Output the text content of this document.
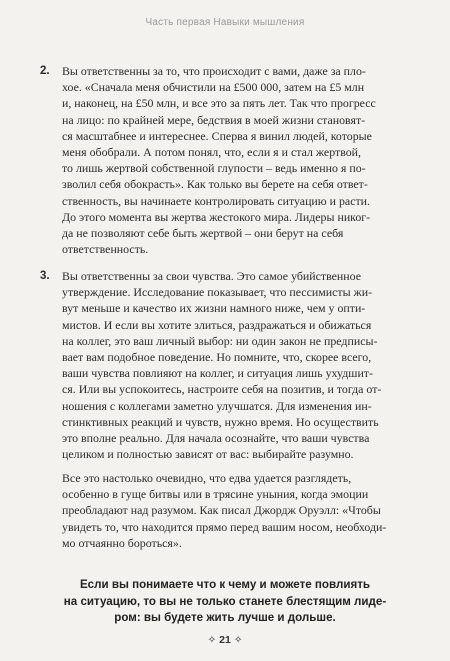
Часть первая Навыки мышления
2.	Вы ответственны за то, что происходит с вами, даже за пло-
хое. «Сначала меня обчистили на £500 000, затем на £5 млн
и, наконец, на £50 млн, и все это за пять лет. Так что прогресс
на лицо: по крайней мере, бедствия в моей жизни становят-
ся масштабнее и интереснее. Сперва я винил людей, которые
меня обобрали. А потом понял, что, если я и стал жертвой,
то лишь жертвой собственной глупости – ведь именно я по-
зволил себя обокрасть». Как только вы берете на себя ответ-
ственность, вы начинаете контролировать ситуацию и расти.
До этого момента вы жертва жестокого мира. Лидеры никог-
да не позволяют себе быть жертвой – они берут на себя
ответственность.
3.	Вы ответственны за свои чувства. Это самое убийственное
утверждение. Исследование показывает, что пессимисты жи-
вут меньше и качество их жизни намного ниже, чем у опти-
мистов. И если вы хотите злиться, раздражаться и обижаться
на коллег, это ваш личный выбор: ни один закон не предписы-
вает вам подобное поведение. Но помните, что, скорее всего,
ваши чувства повлияют на коллег, и ситуация лишь ухудшит-
ся. Или вы успокоитесь, настроите себя на позитив, и тогда от-
ношения с коллегами заметно улучшатся. Для изменения ин-
стинктивных реакций и чувств, нужно время. Но осуществить
это вполне реально. Для начала осознайте, что ваши чувства
целиком и полностью зависят от вас: выбирайте разумно.
Все это настолько очевидно, что едва удается разглядеть,
особенно в гуще битвы или в трясине уныния, когда эмоции
преобладают над разумом. Как писал Джордж Оруэлл: «Чтобы
увидеть то, что находится прямо перед вашим носом, необходи-
мо отчаянно бороться».
Если вы понимаете что к чему и можете повлиять
на ситуацию, то вы не только станете блестящим лиде-
ром: вы будете жить лучше и дольше.
✧ 21 ✧
